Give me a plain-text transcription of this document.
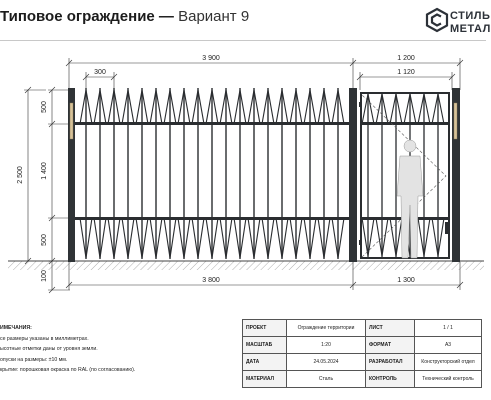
Типовое ограждение — Вариант 9	СТИЛЬ
МЕТАЛ
3 900	1 200
1 120
300
3 800	1 300
500
1 400
500
2 500
100
ИМЕЧАНИЯ:
се размеры указаны в миллиметрах.
ысотные отметки даны от уровня земли.
опуски на размеры: ±10 мм.
крытие: порошковая окраска по RAL (по согласованию).
ПРОЕКТ	Ограждение территории	ЛИСТ	1 / 1
МАСШТАБ	1:20	ФОРМАТ	А3
ДАТА	24.05.2024	РАЗРАБОТАЛ	Конструкторский отдел
МАТЕРИАЛ	Сталь	КОНТРОЛЬ	Технический контроль
